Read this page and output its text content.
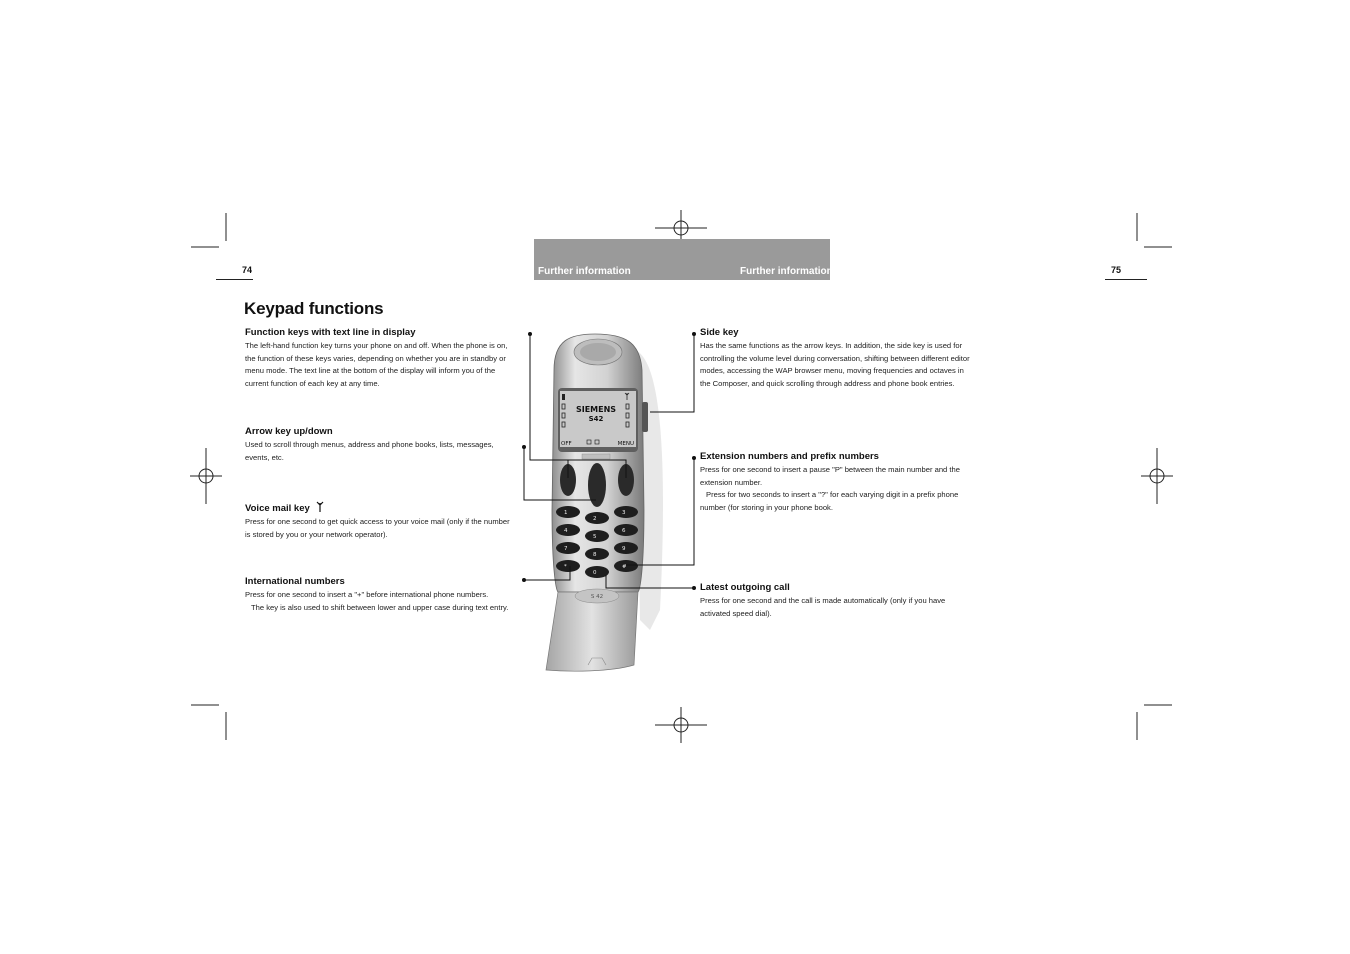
Further information	Further information
74	75
Keypad functions
Function keys with text line in display

The left-hand function key turns your phone on and off. When the phone is on, the function of these keys varies, depending on whether you are in standby or menu mode. The text line at the bottom of the display will inform you of the current function of each key at any time.

Arrow key up/down

Used to scroll through menus, address and phone books, lists, messages, events, etc.

Voice mail key

Press for one second to get quick access to your voice mail (only if the number is stored by you or your network operator).

International numbers

Press for one second to insert a "+" before international phone numbers.

The key is also used to shift between lower and upper case during text entry.

Side key

Has the same functions as the arrow keys. In addition, the side key is used for controlling the volume level during conversation, shifting between different editor modes, accessing the WAP browser menu, moving frequencies and octaves in the Composer, and quick scrolling through address and phone book entries.

Extension numbers and prefix numbers

Press for one second to insert a pause "P" between the main number and the extension number.

Press for two seconds to insert a "?" for each varying digit in a prefix phone number (for storing in your phone book.

Latest outgoing call

Press for one second and the call is made automatically (only if you have activated speed dial).

SIEMENS
S42
OFF	MENU
1
2
3
4
5
6
7
8
9
*
0
#
S 42
